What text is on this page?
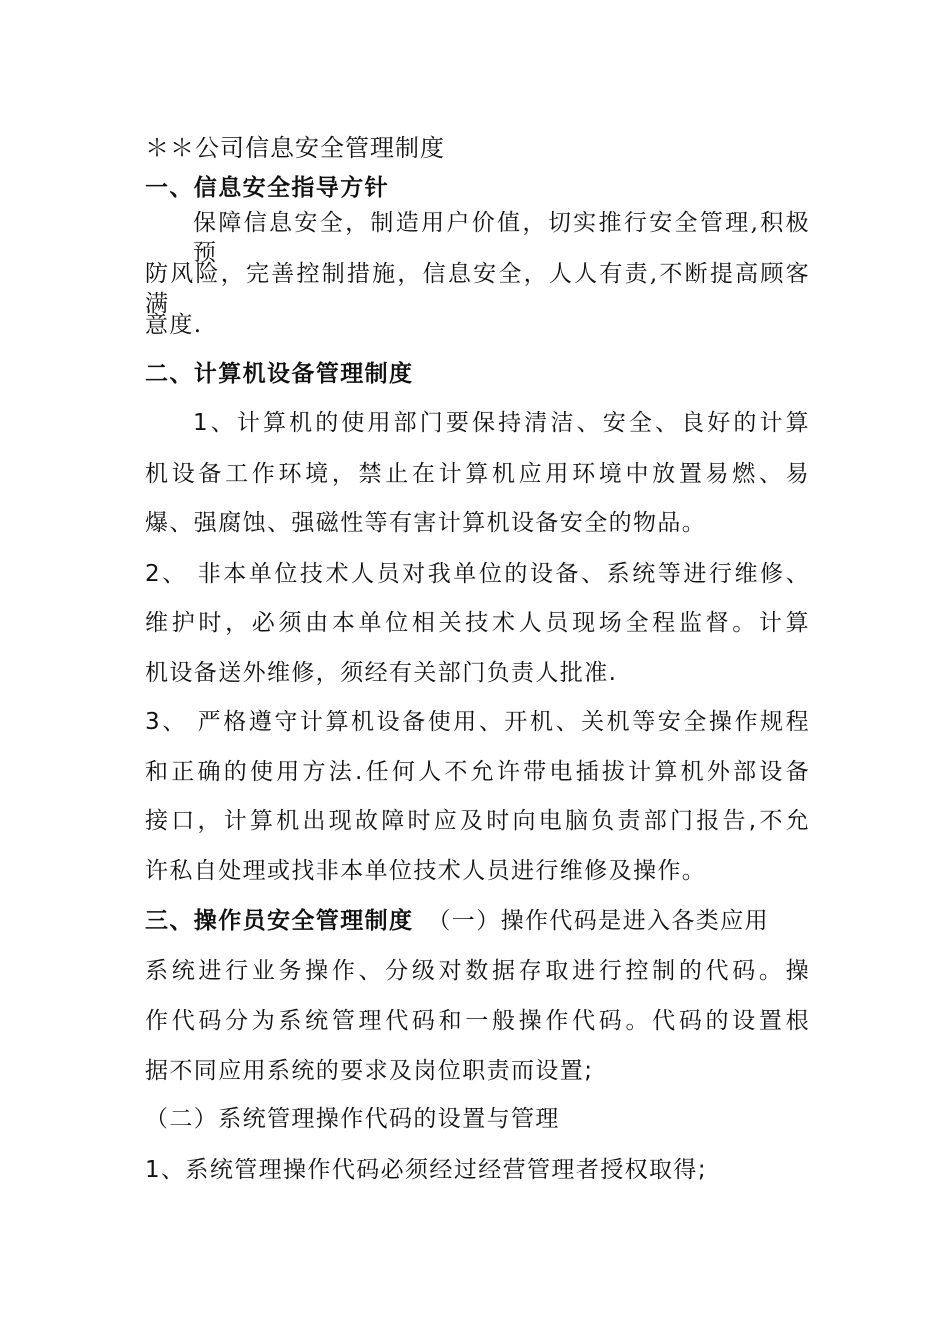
＊＊公司信息安全管理制度
一、信息安全指导方针
保障信息安全，制造用户价值，切实推行安全管理,积极预
防风险，完善控制措施，信息安全，人人有责,不断提高顾客满
意度.
二、计算机设备管理制度
1、计算机的使用部门要保持清洁、安全、良好的计算
机设备工作环境，禁止在计算机应用环境中放置易燃、易
爆、强腐蚀、强磁性等有害计算机设备安全的物品。
2、 非本单位技术人员对我单位的设备、系统等进行维修、
维护时，必须由本单位相关技术人员现场全程监督。计算
机设备送外维修，须经有关部门负责人批准.
3、 严格遵守计算机设备使用、开机、关机等安全操作规程
和正确的使用方法.任何人不允许带电插拔计算机外部设备
接口，计算机出现故障时应及时向电脑负责部门报告,不允
许私自处理或找非本单位技术人员进行维修及操作。
三、操作员安全管理制度 （一）操作代码是进入各类应用
系统进行业务操作、分级对数据存取进行控制的代码。操
作代码分为系统管理代码和一般操作代码。代码的设置根
据不同应用系统的要求及岗位职责而设置;
（二）系统管理操作代码的设置与管理
1、系统管理操作代码必须经过经营管理者授权取得;
